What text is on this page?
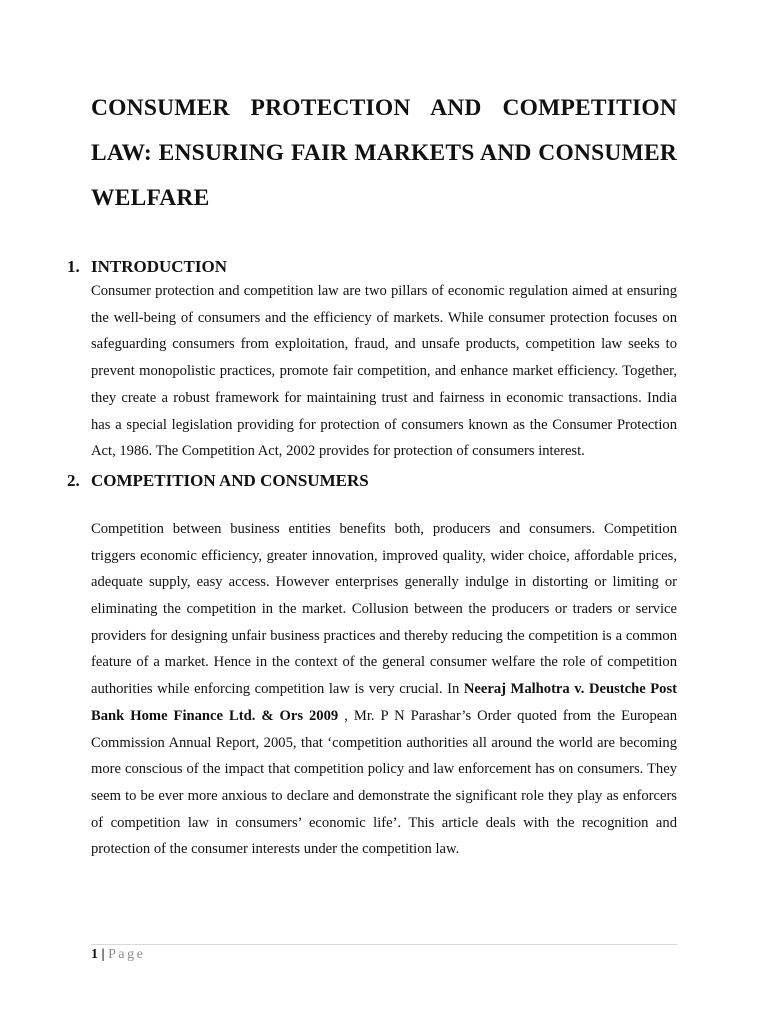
CONSUMER PROTECTION AND COMPETITION LAW: ENSURING FAIR MARKETS AND CONSUMER WELFARE
1. INTRODUCTION

Consumer protection and competition law are two pillars of economic regulation aimed at ensuring the well-being of consumers and the efficiency of markets. While consumer protection focuses on safeguarding consumers from exploitation, fraud, and unsafe products, competition law seeks to prevent monopolistic practices, promote fair competition, and enhance market efficiency. Together, they create a robust framework for maintaining trust and fairness in economic transactions. India has a special legislation providing for protection of consumers known as the Consumer Protection Act, 1986. The Competition Act, 2002 provides for protection of consumers interest.

2. COMPETITION AND CONSUMERS

Competition between business entities benefits both, producers and consumers. Competition triggers economic efficiency, greater innovation, improved quality, wider choice, affordable prices, adequate supply, easy access. However enterprises generally indulge in distorting or limiting or eliminating the competition in the market. Collusion between the producers or traders or service providers for designing unfair business practices and thereby reducing the competition is a common feature of a market. Hence in the context of the general consumer welfare the role of competition authorities while enforcing competition law is very crucial. In Neeraj Malhotra v. Deustche Post Bank Home Finance Ltd. & Ors 2009 , Mr. P N Parashar’s Order quoted from the European Commission Annual Report, 2005, that ‘competition authorities all around the world are becoming more conscious of the impact that competition policy and law enforcement has on consumers. They seem to be ever more anxious to declare and demonstrate the significant role they play as enforcers of competition law in consumers’ economic life’. This article deals with the recognition and protection of the consumer interests under the competition law.

1 | Page
